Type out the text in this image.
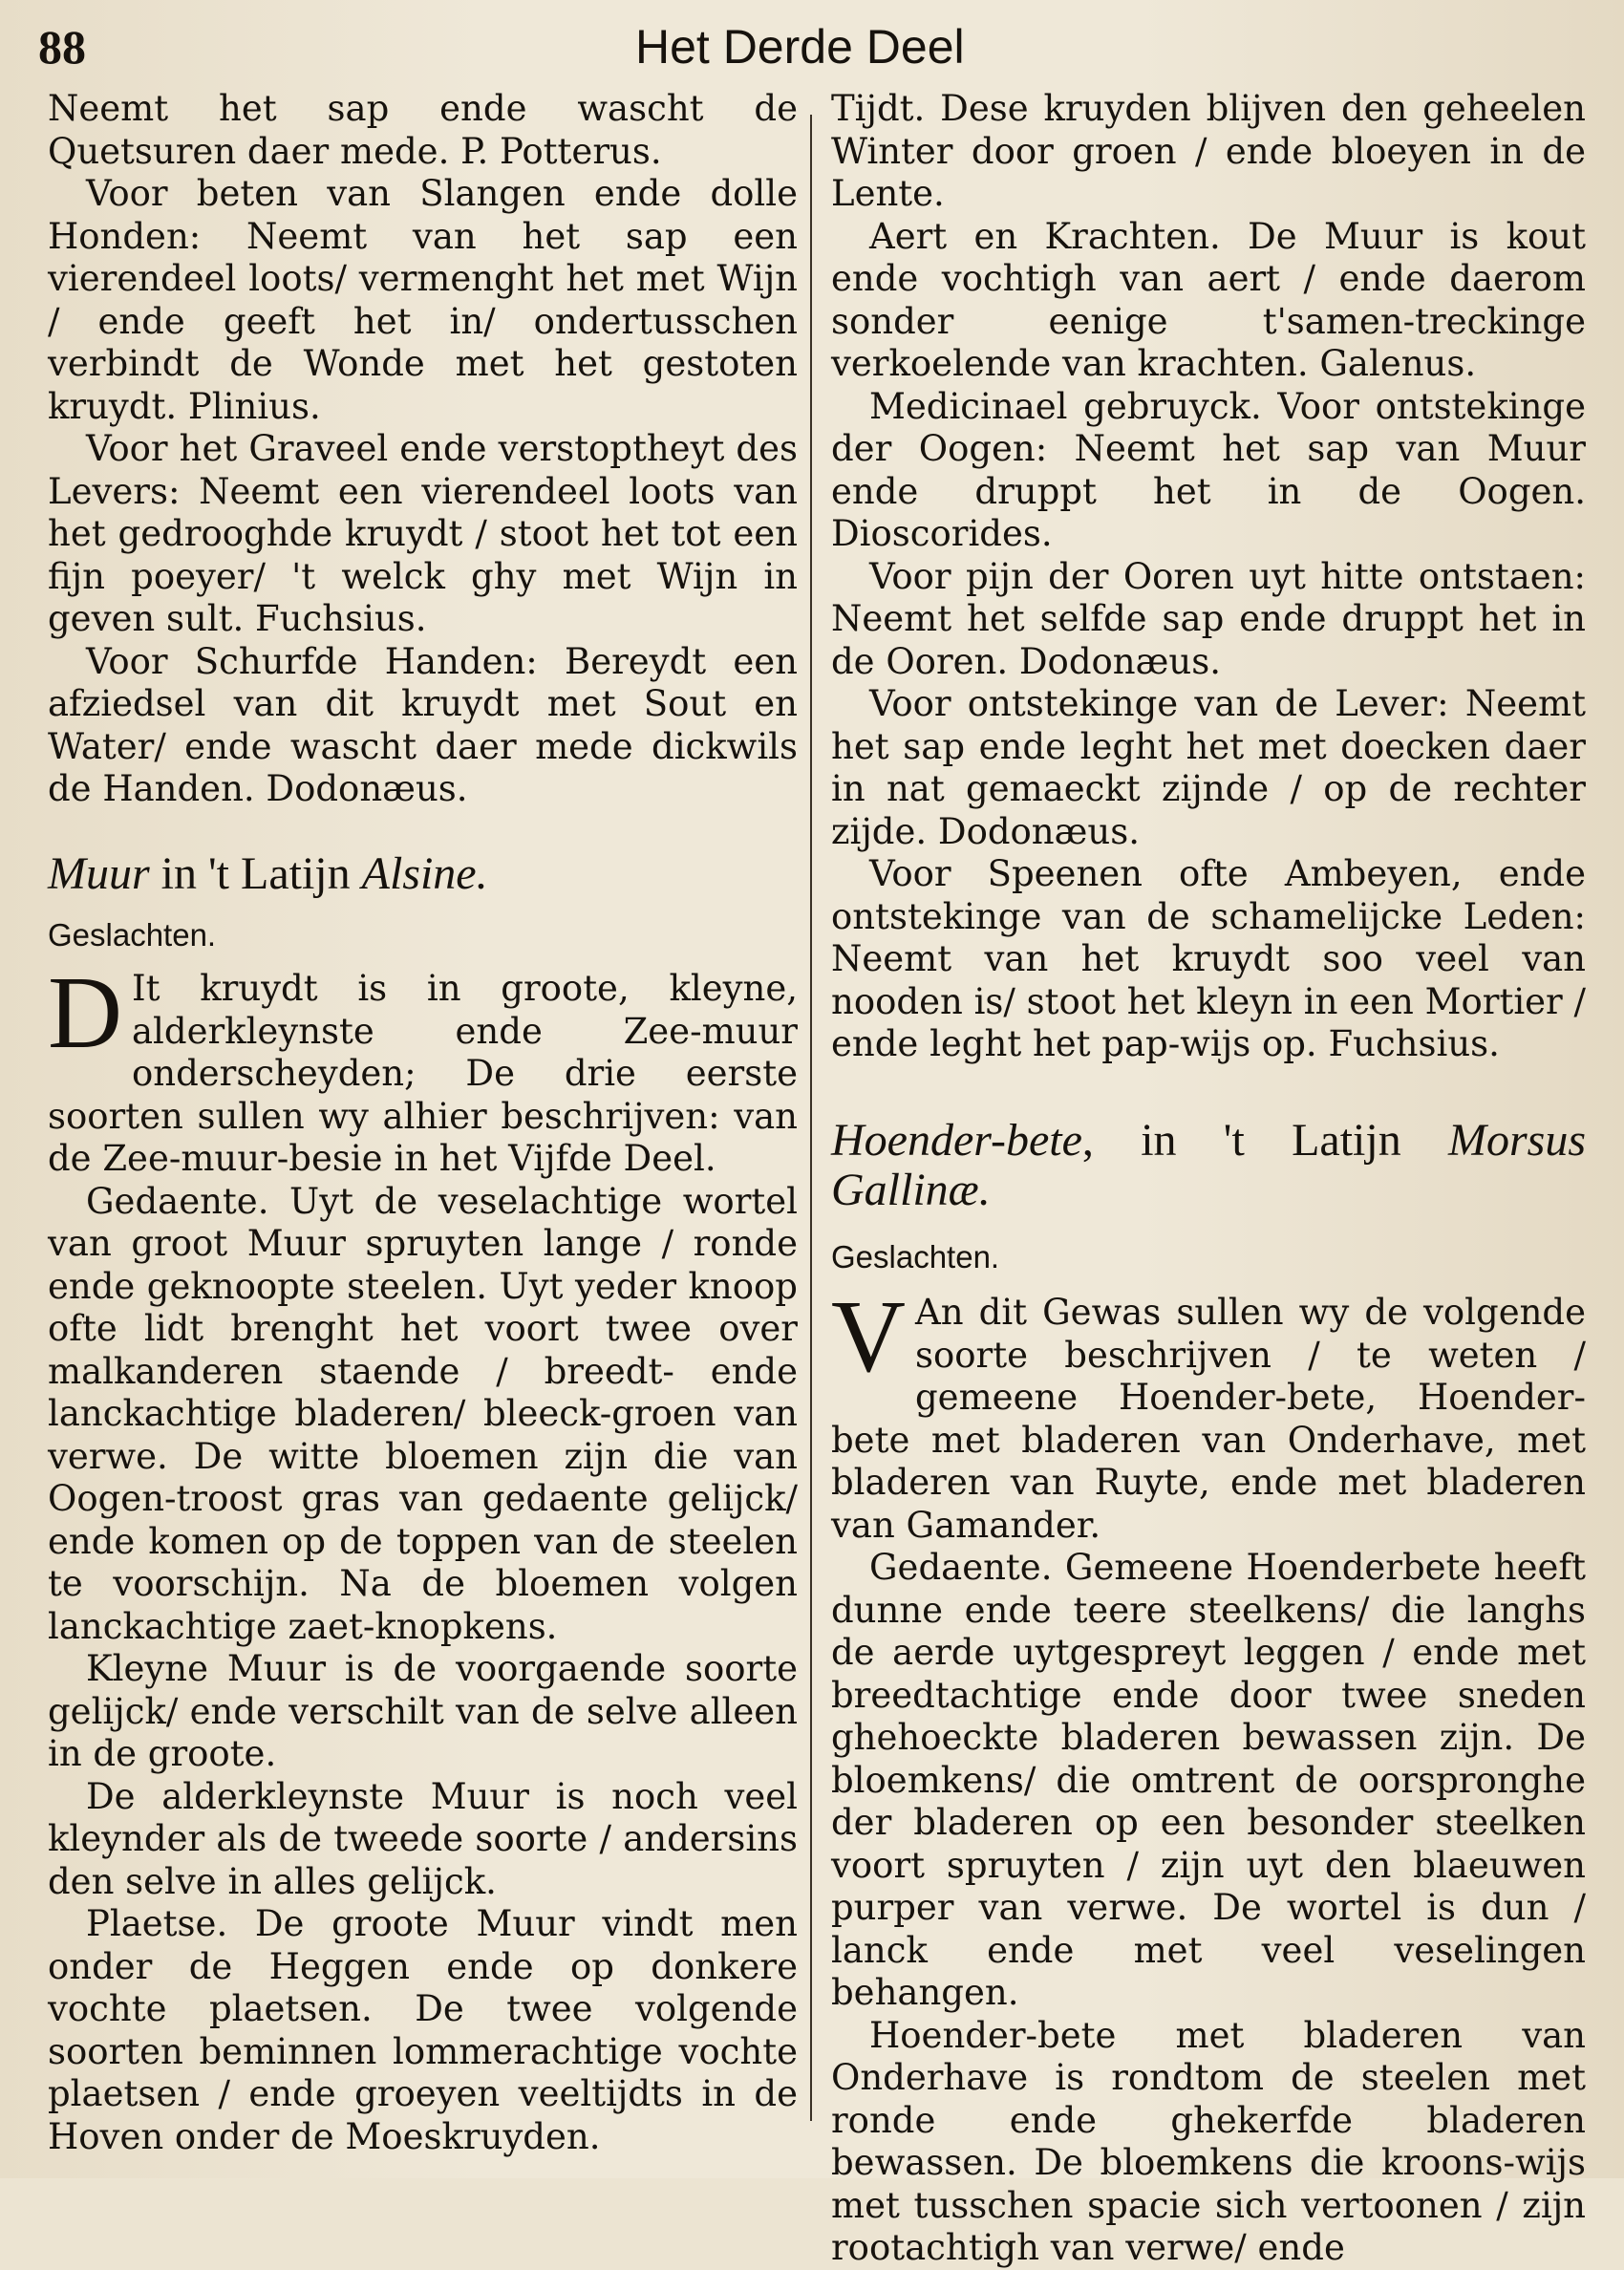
88	Het Derde Deel

Neemt het sap ende wascht de Quetsuren daer mede. P. Potterus.

Voor beten van Slangen ende dolle Honden: Neemt van het sap een vierendeel loots/ vermenght het met Wijn / ende geeft het in/ ondertusschen verbindt de Wonde met het gestoten kruydt. Plinius.

Voor het Graveel ende verstoptheyt des Levers: Neemt een vierendeel loots van het gedrooghde kruydt / stoot het tot een fijn poeyer/ 't welck ghy met Wijn in geven sult. Fuchsius.

Voor Schurfde Handen: Bereydt een afziedsel van dit kruydt met Sout en Water/ ende wascht daer mede dickwils de Handen. Dodonæus.

Muur in 't Latijn Alsine.

Geslachten.

D It kruydt is in groote, kleyne, alderkleynste ende Zee-muur onderscheyden; De drie eerste soorten sullen wy alhier beschrijven: van de Zee-muur-besie in het Vijfde Deel.

Gedaente. Uyt de veselachtige wortel van groot Muur spruyten lange / ronde ende geknoopte steelen. Uyt yeder knoop ofte lidt brenght het voort twee over malkanderen staende / breedt- ende lanckachtige bladeren/ bleeck-groen van verwe. De witte bloemen zijn die van Oogen-troost gras van gedaente gelijck/ ende komen op de toppen van de steelen te voorschijn. Na de bloemen volgen lanckachtige zaet-knopkens.

Kleyne Muur is de voorgaende soorte gelijck/ ende verschilt van de selve alleen in de groote.

De alderkleynste Muur is noch veel kleynder als de tweede soorte / andersins den selve in alles gelijck.

Plaetse. De groote Muur vindt men onder de Heggen ende op donkere vochte plaetsen. De twee volgende soorten beminnen lommerachtige vochte plaetsen / ende groeyen veeltijdts in de Hoven onder de Moeskruyden.

Tijdt. Dese kruyden blijven den geheelen Winter door groen / ende bloeyen in de Lente.

Aert en Krachten. De Muur is kout ende vochtigh van aert / ende daerom sonder eenige t'samen-treckinge verkoelende van krachten. Galenus.

Medicinael gebruyck. Voor ontstekinge der Oogen: Neemt het sap van Muur ende druppt het in de Oogen. Dioscorides.

Voor pijn der Ooren uyt hitte ontstaen: Neemt het selfde sap ende druppt het in de Ooren. Dodonæus.

Voor ontstekinge van de Lever: Neemt het sap ende leght het met doecken daer in nat gemaeckt zijnde / op de rechter zijde. Dodonæus.

Voor Speenen ofte Ambeyen, ende ontstekinge van de schamelijcke Leden: Neemt van het kruydt soo veel van nooden is/ stoot het kleyn in een Mortier / ende leght het pap-wijs op. Fuchsius.

Hoender-bete, in 't Latijn Morsus Gallinæ.

Geslachten.

V An dit Gewas sullen wy de volgende soorte beschrijven / te weten / gemeene Hoender-bete, Hoender-bete met bladeren van Onderhave, met bladeren van Ruyte, ende met bladeren van Gamander.

Gedaente. Gemeene Hoenderbete heeft dunne ende teere steelkens/ die langhs de aerde uytgespreyt leggen / ende met breedtachtige ende door twee sneden ghehoeckte bladeren bewassen zijn. De bloemkens/ die omtrent de oorspronghe der bladeren op een besonder steelken voort spruyten / zijn uyt den blaeuwen purper van verwe. De wortel is dun / lanck ende met veel veselingen behangen.

Hoender-bete met bladeren van Onderhave is rondtom de steelen met ronde ende ghekerfde bladeren bewassen. De bloemkens die kroons-wijs met tusschen spacie sich vertoonen / zijn rootachtigh van verwe/ ende
